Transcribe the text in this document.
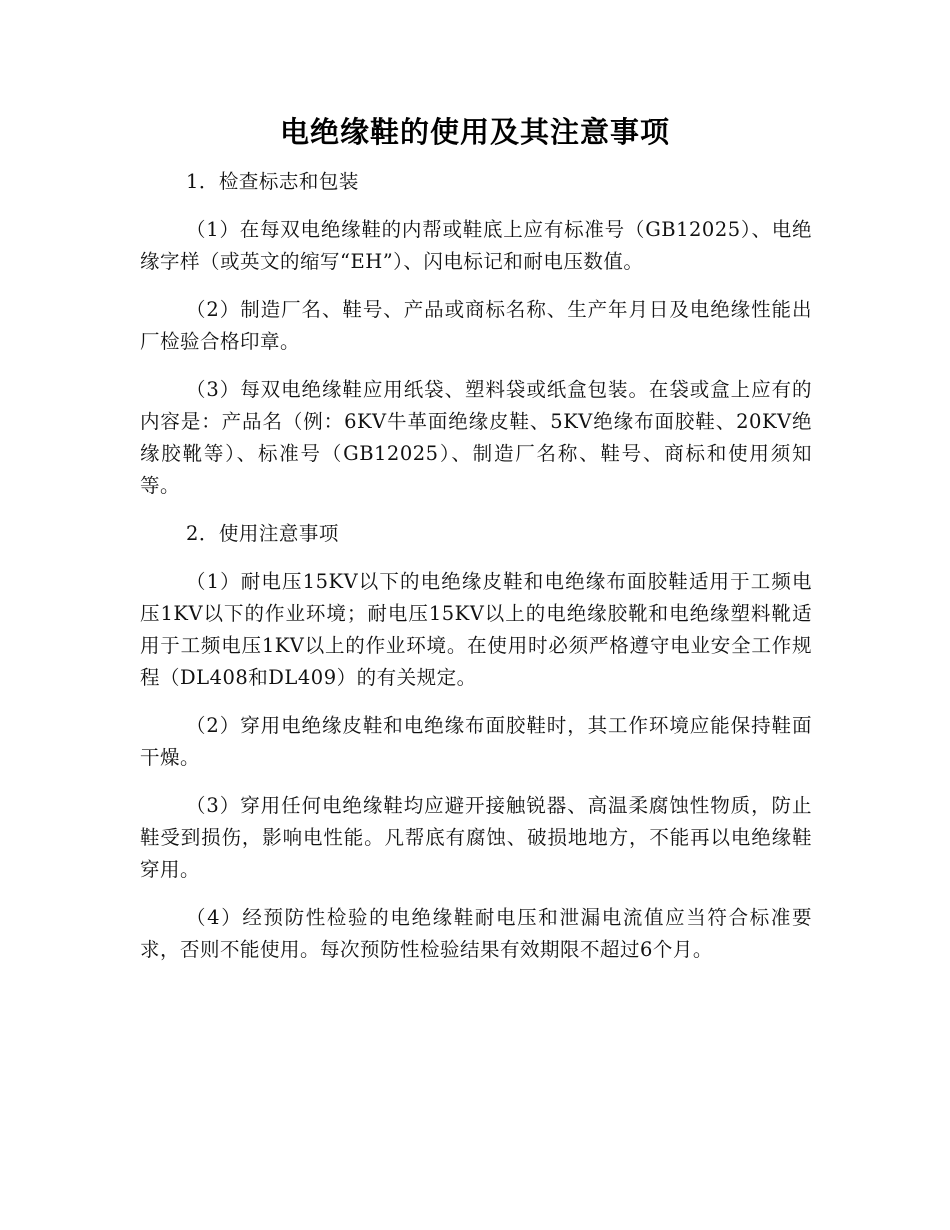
电绝缘鞋的使用及其注意事项
1．检查标志和包装

（1）在每双电绝缘鞋的内帮或鞋底上应有标准号（GB12025）、电绝缘字样（或英文的缩写“EH”）、闪电标记和耐电压数值。

（2）制造厂名、鞋号、产品或商标名称、生产年月日及电绝缘性能出厂检验合格印章。

（3）每双电绝缘鞋应用纸袋、塑料袋或纸盒包装。在袋或盒上应有的内容是：产品名（例：6KV牛革面绝缘皮鞋、5KV绝缘布面胶鞋、20KV绝缘胶靴等）、标准号（GB12025）、制造厂名称、鞋号、商标和使用须知等。

2．使用注意事项

（1）耐电压15KV以下的电绝缘皮鞋和电绝缘布面胶鞋适用于工频电压1KV以下的作业环境；耐电压15KV以上的电绝缘胶靴和电绝缘塑料靴适用于工频电压1KV以上的作业环境。在使用时必须严格遵守电业安全工作规程（DL408和DL409）的有关规定。

（2）穿用电绝缘皮鞋和电绝缘布面胶鞋时，其工作环境应能保持鞋面干燥。

（3）穿用任何电绝缘鞋均应避开接触锐器、高温柔腐蚀性物质，防止鞋受到损伤，影响电性能。凡帮底有腐蚀、破损地地方，不能再以电绝缘鞋穿用。

（4）经预防性检验的电绝缘鞋耐电压和泄漏电流值应当符合标准要求，否则不能使用。每次预防性检验结果有效期限不超过6个月。
